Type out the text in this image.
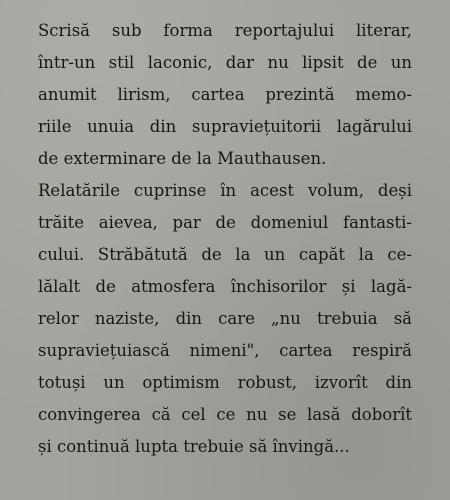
Scrisă sub forma reportajului literar,
într-un stil laconic, dar nu lipsit de un
anumit lirism, cartea prezintă memo-
riile unuia din supraviețuitorii lagărului
de exterminare de la Mauthausen.
Relatările cuprinse în acest volum, deși
trăite aievea, par de domeniul fantasti-
cului. Străbătută de la un capăt la ce-
lălalt de atmosfera închisorilor și lagă-
relor naziste, din care „nu trebuia să
supraviețuiască nimeni", cartea respiră
totuși un optimism robust, izvorît din
convingerea că cel ce nu se lasă doborît
și continuă lupta trebuie să învingă...
